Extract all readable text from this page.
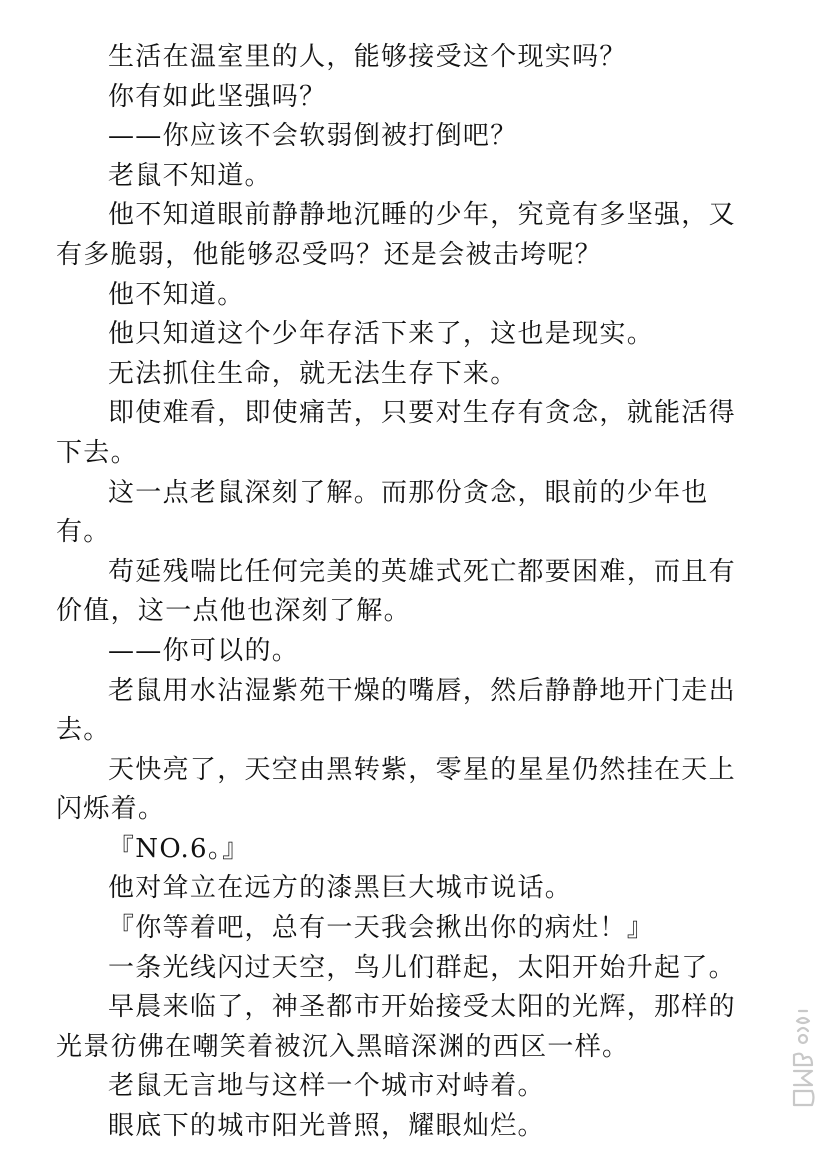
生活在温室里的人，能够接受这个现实吗？

你有如此坚强吗？

——你应该不会软弱倒被打倒吧？

老鼠不知道。

他不知道眼前静静地沉睡的少年，究竟有多坚强，又有多脆弱，他能够忍受吗？还是会被击垮呢？

他不知道。

他只知道这个少年存活下来了，这也是现实。

无法抓住生命，就无法生存下来。

即使难看，即使痛苦，只要对生存有贪念，就能活得下去。

这一点老鼠深刻了解。而那份贪念，眼前的少年也有。

苟延残喘比任何完美的英雄式死亡都要困难，而且有价值，这一点他也深刻了解。

——你可以的。

老鼠用水沾湿紫苑干燥的嘴唇，然后静静地开门走出去。

天快亮了，天空由黑转紫，零星的星星仍然挂在天上闪烁着。

『NO.6。』

他对耸立在远方的漆黑巨大城市说话。

『你等着吧，总有一天我会揪出你的病灶！』

一条光线闪过天空，鸟儿们群起，太阳开始升起了。

早晨来临了，神圣都市开始接受太阳的光辉，那样的光景彷佛在嘲笑着被沉入黑暗深渊的西区一样。

老鼠无言地与这样一个城市对峙着。

眼底下的城市阳光普照，耀眼灿烂。
